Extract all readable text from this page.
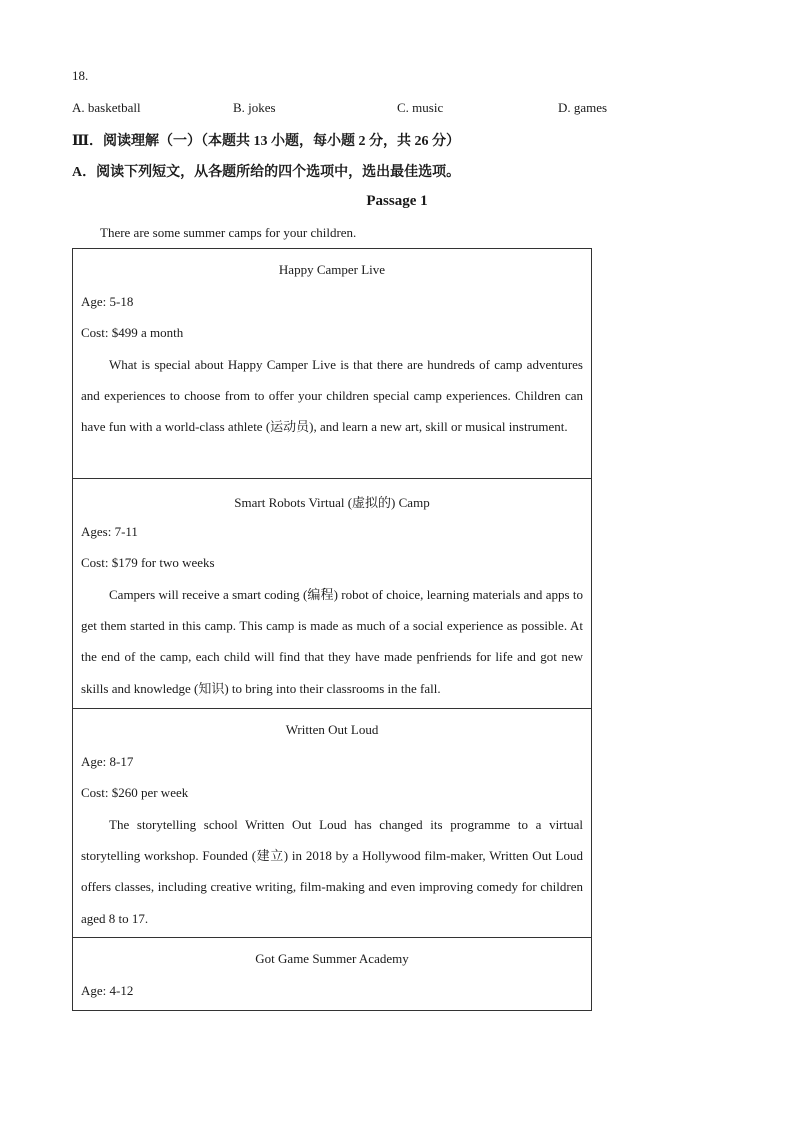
18.
A. basketball	B. jokes	C. music	D. games
Ⅲ．阅读理解（一）（本题共 13 小题，每小题 2 分，共 26 分）
A．阅读下列短文，从各题所给的四个选项中，选出最佳选项。
Passage 1
There are some summer camps for your children.
Happy Camper Live
Age: 5-18
Cost: $499 a month
What is special about Happy Camper Live is that there are hundreds of camp adventures and experiences to choose from to offer your children special camp experiences. Children can have fun with a world-class athlete (运动员), and learn a new art, skill or musical instrument.
Smart Robots Virtual (虚拟的) Camp
Ages: 7-11
Cost: $179 for two weeks
Campers will receive a smart coding (编程) robot of choice, learning materials and apps to get them started in this camp. This camp is made as much of a social experience as possible. At the end of the camp, each child will find that they have made penfriends for life and got new skills and knowledge (知识) to bring into their classrooms in the fall.
Written Out Loud
Age: 8-17
Cost: $260 per week
The storytelling school Written Out Loud has changed its programme to a virtual storytelling workshop. Founded (建立) in 2018 by a Hollywood film-maker, Written Out Loud offers classes, including creative writing, film-making and even improving comedy for children aged 8 to 17.
Got Game Summer Academy
Age: 4-12
